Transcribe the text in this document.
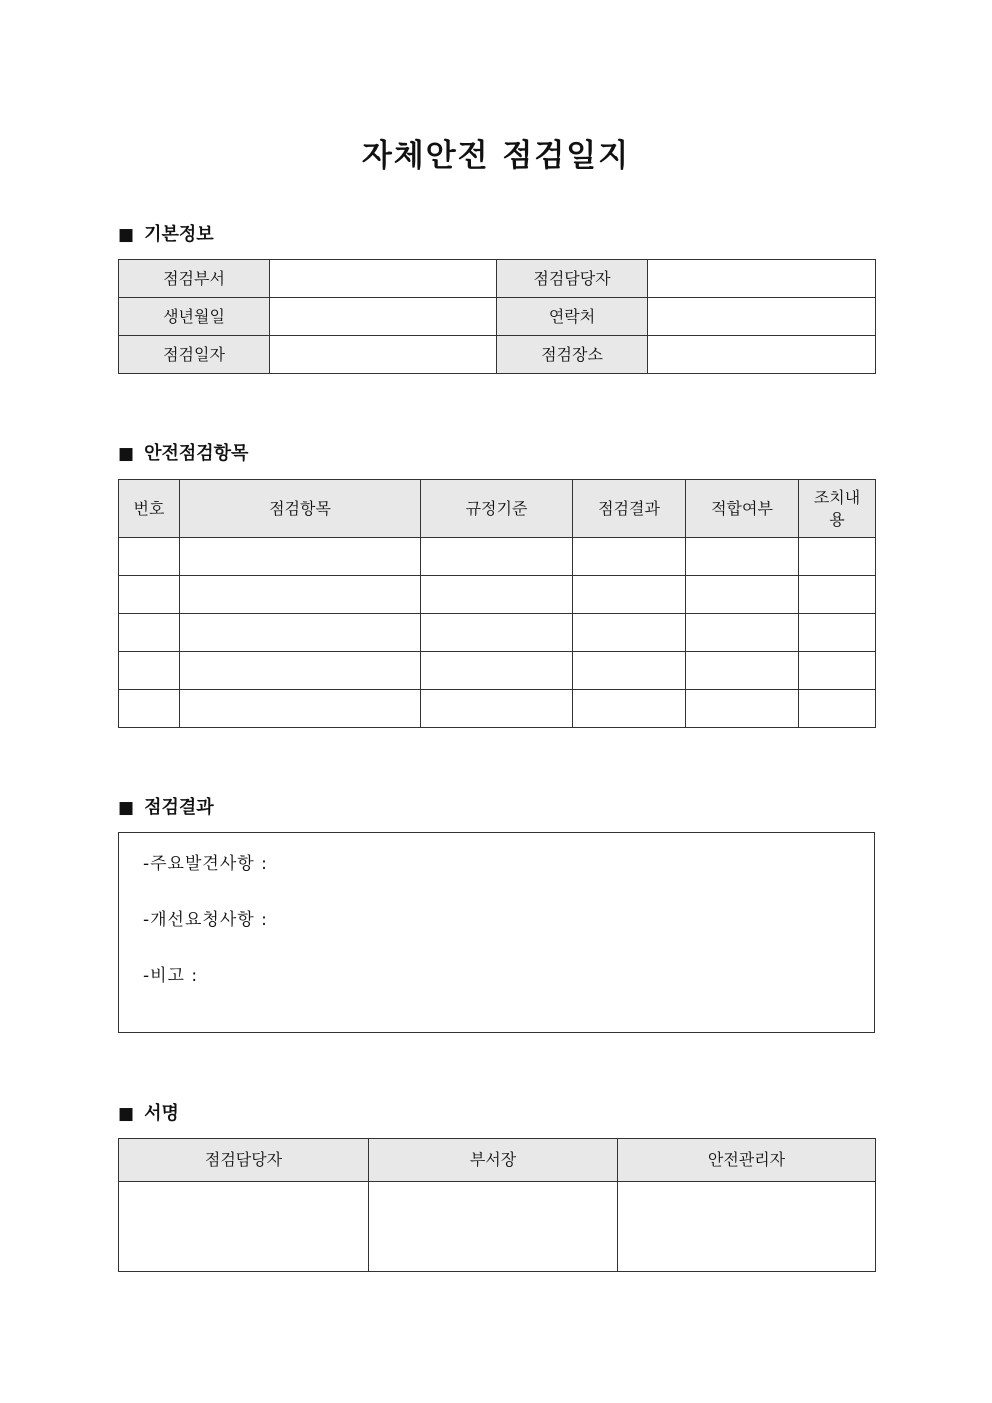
자체안전 점검일지
■ 기본정보
점검부서		점검담당자	
생년월일		연락처	
점검일자		점검장소	
■ 안전점검항목
번호	점검항목	규정기준	점검결과	적합여부	조치내용

■ 점검결과
-주요발견사항 :
-개선요청사항 :
-비고 :
■ 서명
점검담당자	부서장	안전관리자
